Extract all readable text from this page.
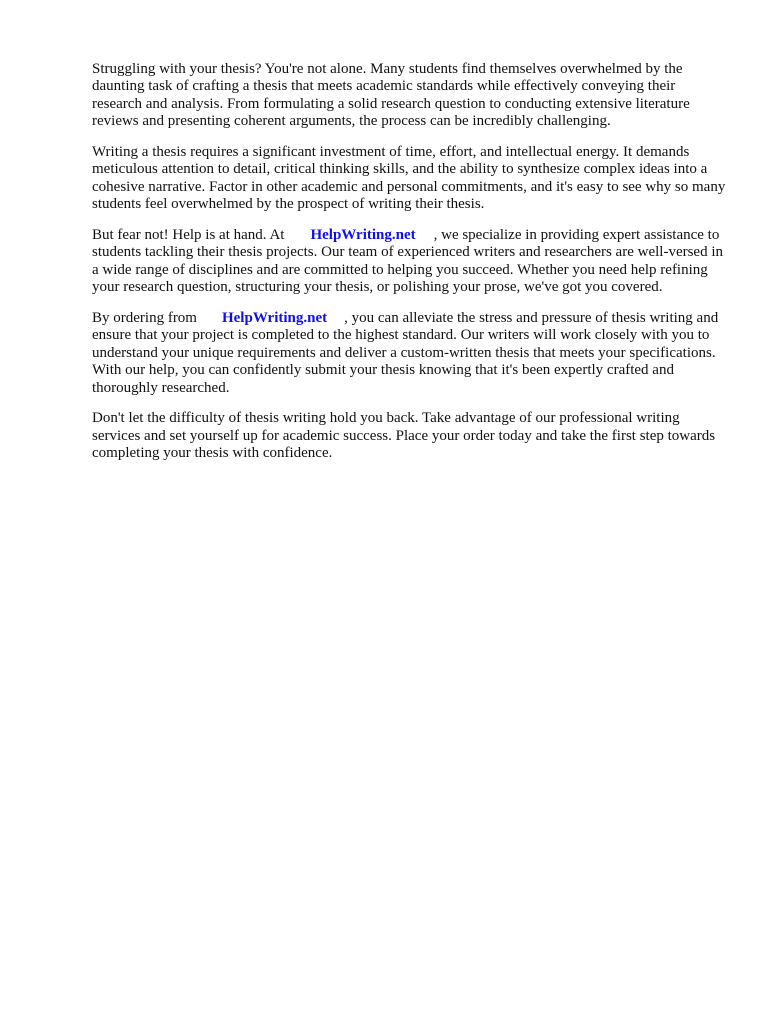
Struggling with your thesis? You're not alone. Many students find themselves overwhelmed by the daunting task of crafting a thesis that meets academic standards while effectively conveying their research and analysis. From formulating a solid research question to conducting extensive literature reviews and presenting coherent arguments, the process can be incredibly challenging.

Writing a thesis requires a significant investment of time, effort, and intellectual energy. It demands meticulous attention to detail, critical thinking skills, and the ability to synthesize complex ideas into a cohesive narrative. Factor in other academic and personal commitments, and it's easy to see why so many students feel overwhelmed by the prospect of writing their thesis.

But fear not! Help is at hand. At HelpWriting.net , we specialize in providing expert assistance to students tackling their thesis projects. Our team of experienced writers and researchers are well-versed in a wide range of disciplines and are committed to helping you succeed. Whether you need help refining your research question, structuring your thesis, or polishing your prose, we've got you covered.

By ordering from HelpWriting.net , you can alleviate the stress and pressure of thesis writing and ensure that your project is completed to the highest standard. Our writers will work closely with you to understand your unique requirements and deliver a custom-written thesis that meets your specifications. With our help, you can confidently submit your thesis knowing that it's been expertly crafted and thoroughly researched.

Don't let the difficulty of thesis writing hold you back. Take advantage of our professional writing services and set yourself up for academic success. Place your order today and take the first step towards completing your thesis with confidence.
